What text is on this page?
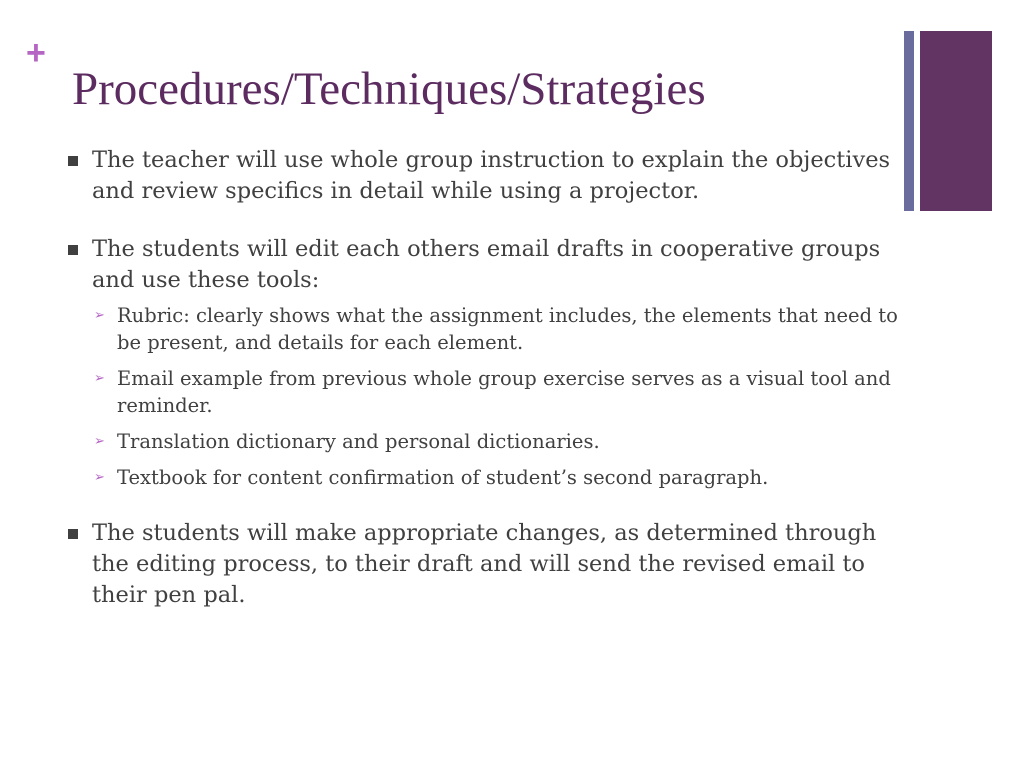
+
Procedures/Techniques/Strategies
The teacher will use whole group instruction to explain the objectives and review specifics in detail while using a projector.
The students will edit each others email drafts in cooperative groups and use these tools:
➢ Rubric: clearly shows what the assignment includes, the elements that need to be present, and details for each element.
➢ Email example from previous whole group exercise serves as a visual tool and reminder.
➢ Translation dictionary and personal dictionaries.
➢ Textbook for content confirmation of student’s second paragraph.
The students will make appropriate changes, as determined through the editing process, to their draft and will send the revised email to their pen pal.
